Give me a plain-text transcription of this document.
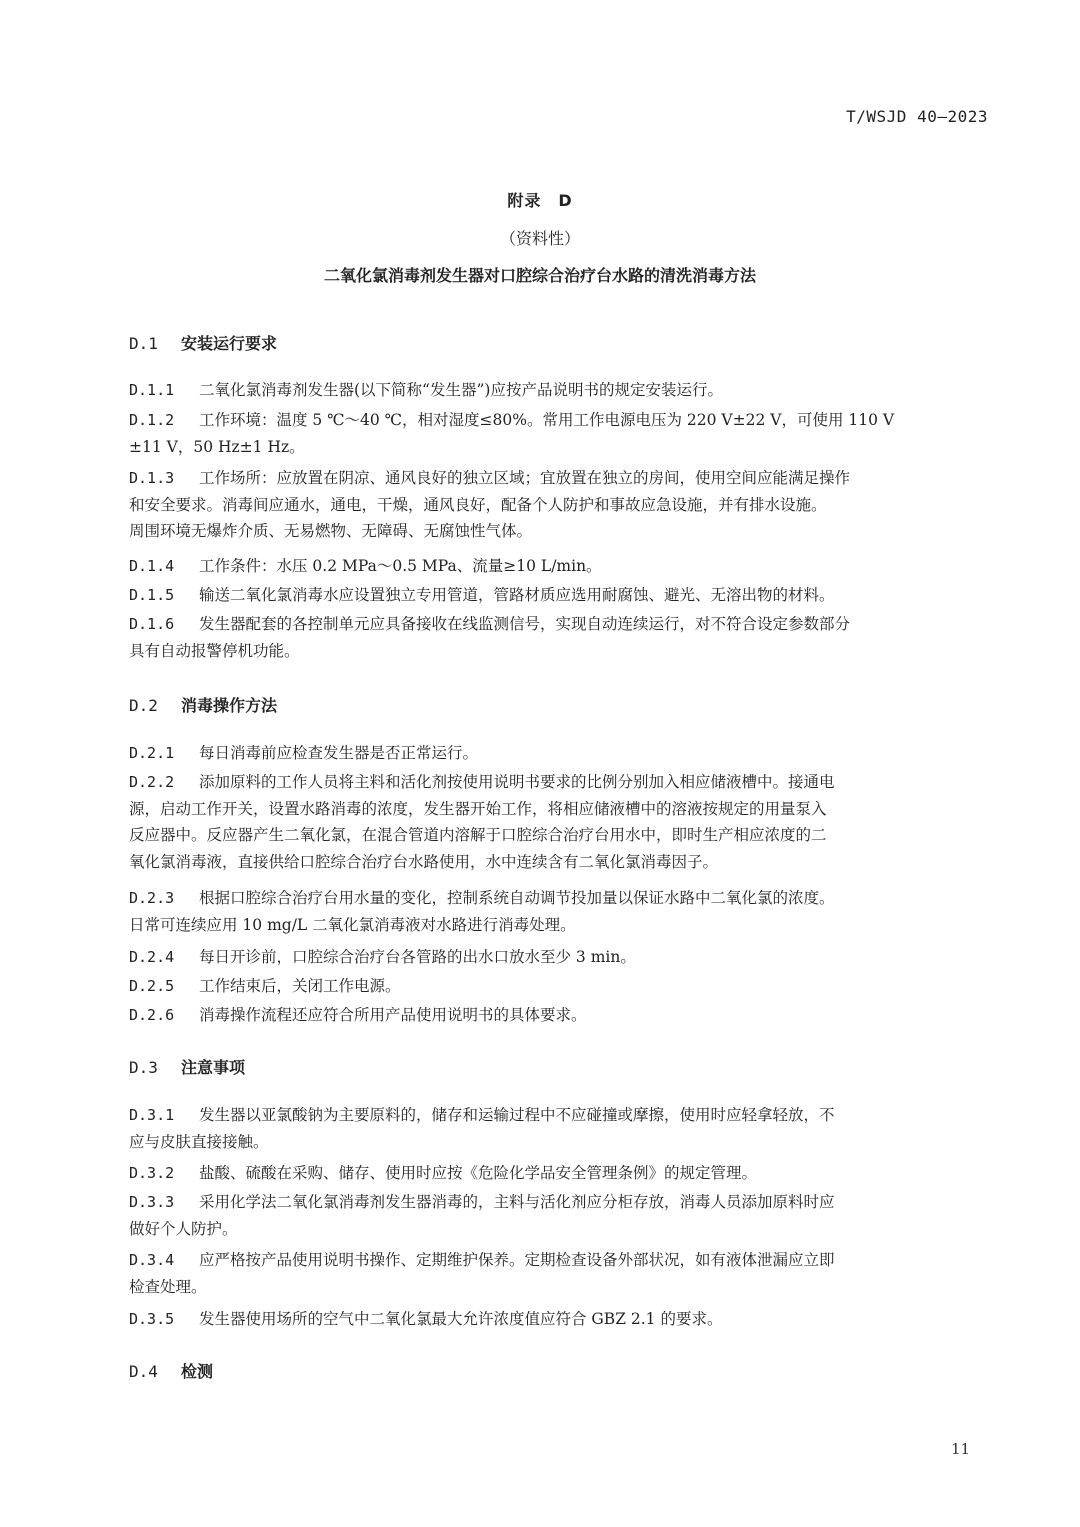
T/WSJD 40—2023
附录　D
（资料性）
二氧化氯消毒剂发生器对口腔综合治疗台水路的清洗消毒方法
D.1 安装运行要求
D.1.1 二氧化氯消毒剂发生器(以下简称“发生器”)应按产品说明书的规定安装运行。
D.1.2 工作环境：温度 5 ℃～40 ℃，相对湿度≤80%。常用工作电源电压为 220 V±22 V，可使用 110 V
±11 V，50 Hz±1 Hz。
D.1.3 工作场所：应放置在阴凉、通风良好的独立区域；宜放置在独立的房间，使用空间应能满足操作
和安全要求。消毒间应通水，通电，干燥，通风良好，配备个人防护和事故应急设施，并有排水设施。
周围环境无爆炸介质、无易燃物、无障碍、无腐蚀性气体。
D.1.4 工作条件：水压 0.2 MPa～0.5 MPa、流量≥10 L/min。
D.1.5 输送二氧化氯消毒水应设置独立专用管道，管路材质应选用耐腐蚀、避光、无溶出物的材料。
D.1.6 发生器配套的各控制单元应具备接收在线监测信号，实现自动连续运行，对不符合设定参数部分
具有自动报警停机功能。
D.2 消毒操作方法
D.2.1 每日消毒前应检查发生器是否正常运行。
D.2.2 添加原料的工作人员将主料和活化剂按使用说明书要求的比例分别加入相应储液槽中。接通电
源，启动工作开关，设置水路消毒的浓度，发生器开始工作，将相应储液槽中的溶液按规定的用量泵入
反应器中。反应器产生二氧化氯，在混合管道内溶解于口腔综合治疗台用水中，即时生产相应浓度的二
氧化氯消毒液，直接供给口腔综合治疗台水路使用，水中连续含有二氧化氯消毒因子。
D.2.3 根据口腔综合治疗台用水量的变化，控制系统自动调节投加量以保证水路中二氧化氯的浓度。
日常可连续应用 10 mg/L 二氧化氯消毒液对水路进行消毒处理。
D.2.4 每日开诊前，口腔综合治疗台各管路的出水口放水至少 3 min。
D.2.5 工作结束后，关闭工作电源。
D.2.6 消毒操作流程还应符合所用产品使用说明书的具体要求。
D.3 注意事项
D.3.1 发生器以亚氯酸钠为主要原料的，储存和运输过程中不应碰撞或摩擦，使用时应轻拿轻放，不
应与皮肤直接接触。
D.3.2 盐酸、硫酸在采购、储存、使用时应按《危险化学品安全管理条例》的规定管理。
D.3.3 采用化学法二氧化氯消毒剂发生器消毒的，主料与活化剂应分柜存放，消毒人员添加原料时应
做好个人防护。
D.3.4 应严格按产品使用说明书操作、定期维护保养。定期检查设备外部状况，如有液体泄漏应立即
检查处理。
D.3.5 发生器使用场所的空气中二氧化氯最大允许浓度值应符合 GBZ 2.1 的要求。
D.4 检测
11
